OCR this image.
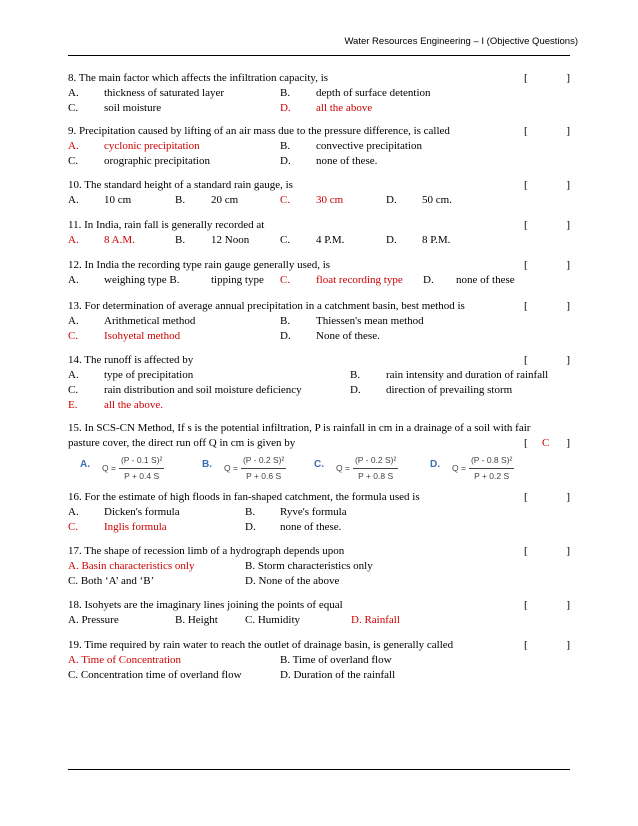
Water Resources Engineering – I (Objective Questions)
8. The main factor which affects the infiltration capacity, is	[	]
A. thickness of saturated layer	B. depth of surface detention
C. soil moisture	D. all the above
9. Precipitation caused by lifting of an air mass due to the pressure difference, is called	[	]
A. cyclonic precipitation	B. convective precipitation
C. orographic precipitation	D. none of these.
10. The standard height of a standard rain gauge, is	[	]
A. 10 cm	B. 20 cm	C. 30 cm	D. 50 cm.
11. In India, rain fall is generally recorded at	[	]
A. 8 A.M.	B. 12 Noon	C. 4 P.M.	D. 8 P.M.
12. In India the recording type rain gauge generally used, is	[	]
A. weighing type B.	tipping type C. float recording type D. none of these
13. For determination of average annual precipitation in a catchment basin, best method is	[	]
A. Arithmetical method	B. Thiessen's mean method
C. Isohyetal method	D. None of these.
14. The runoff is affected by	[	]
A. type of precipitation	B. rain intensity and duration of rainfall
C. rain distribution and soil moisture deficiency	D. direction of prevailing storm
E. all the above.
15. In SCS-CN Method, If s is the potential infiltration, P is rainfall in cm in a drainage of a soil with fair pasture cover, the direct run off Q in cm is given by	[ C ]
A. $Q = \frac{\text{(P - 0.1 S)²}}{P + 0.4 S}$	B. $Q = \frac{\text{(P - 0.2 S)²}}{P + 0.6 S}$	C. $Q = \frac{\text{(P - 0.2 S)²}}{P + 0.8 S}$	D. $Q = \frac{\text{(P - 0.8 S)²}}{P + 0.2 S}$
16. For the estimate of high floods in fan-shaped catchment, the formula used is	[	]
A. Dicken's formula	B. Ryve's formula
C. Inglis formula	D. none of these.
17. The shape of recession limb of a hydrograph depends upon	[	]
A. Basin characteristics only	B. Storm characteristics only
C. Both ‘A’ and ‘B’	D. None of the above
18. Isohyets are the imaginary lines joining the points of equal	[	]
A. Pressure	B. Height C. Humidity	D. Rainfall
19. Time required by rain water to reach the outlet of drainage basin, is generally called	[	]
A. Time of Concentration	B. Time of overland flow
C. Concentration time of overland flow	D. Duration of the rainfall
